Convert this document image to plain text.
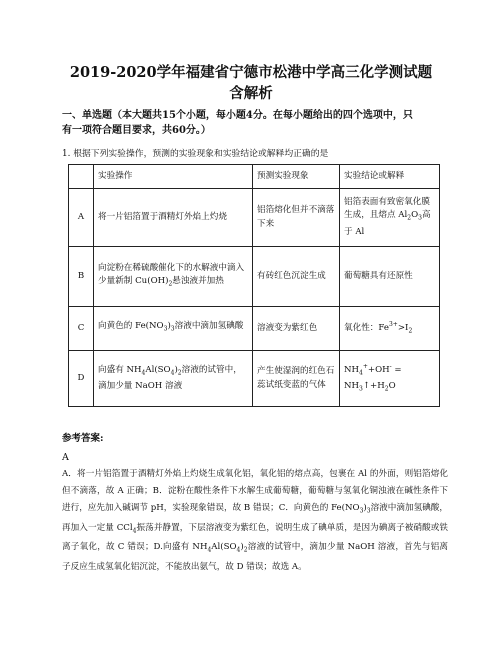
2019-2020学年福建省宁德市松港中学高三化学测试题
含解析
一、单选题（本大题共15个小题，每小题4分。在每小题给出的四个选项中，只
有一项符合题目要求，共60分。）
1. 根据下列实验操作，预测的实验现象和实验结论或解释均正确的是
	实验操作	预测实验现象	实验结论或解释
A	将一片铝箔置于酒精灯外焰上灼烧	铝箔熔化但并不滴落下来	铝箔表面有致密氧化膜生成，且熔点 $Al_2O_3$高于 Al
B	向淀粉在稀硫酸催化下的水解液中滴入少量新制 $Cu(OH)_2$悬浊液并加热	有砖红色沉淀生成	葡萄糖具有还原性
C	向黄色的 $Fe(NO_3)_3$溶液中滴加氢碘酸	溶液变为紫红色	氧化性：$Fe^{3+}>I_2$
D	向盛有 $NH_4Al(SO_4)_2$溶液的试管中，滴加少量 NaOH 溶液	产生使湿润的红色石蕊试纸变蓝的气体	$NH_4^++OH^-$ = $NH_3↑+H_2O$
参考答案:
A
A．将一片铝箔置于酒精灯外焰上灼烧生成氧化铝，氧化铝的熔点高，包裹在 Al 的外面，则铝箔熔化但不滴落，故 A 正确；B．淀粉在酸性条件下水解生成葡萄糖，葡萄糖与氢氧化铜浊液在碱性条件下进行，应先加入碱调节 pH，实验现象错误，故 B 错误；C．向黄色的 $Fe(NO_3)_3$溶液中滴加氢碘酸，再加入一定量 CCl$_4$振荡并静置，下层溶液变为紫红色，说明生成了碘单质，是因为碘离子被硝酸或铁离子氧化，故 C 错误；D.向盛有 $NH_4Al(SO_4)_2$溶液的试管中，滴加少量 NaOH 溶液，首先与铝离子反应生成氢氧化铝沉淀，不能放出氨气，故 D 错误；故选 A。
